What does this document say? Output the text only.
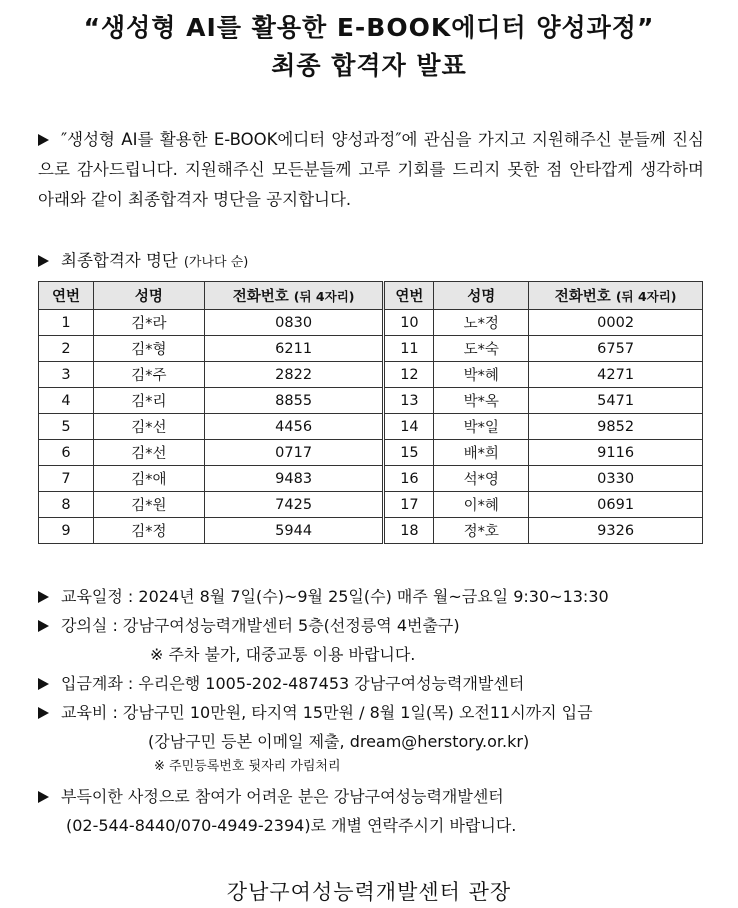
“생성형 AI를 활용한 E-BOOK에디터 양성과정”
최종 합격자 발표
″생성형 AI를 활용한 E-BOOK에디터 양성과정″에 관심을 가지고 지원해주신 분들께 진심으로 감사드립니다. 지원해주신 모든분들께 고루 기회를 드리지 못한 점 안타깝게 생각하며 아래와 같이 최종합격자 명단을 공지합니다.
최종합격자 명단 (가나다 순)
연번	성명	전화번호 (뒤 4자리)	연번	성명	전화번호 (뒤 4자리)
1	김*라	0830	10	노*정	0002
2	김*형	6211	11	도*숙	6757
3	김*주	2822	12	박*혜	4271
4	김*리	8855	13	박*옥	5471
5	김*선	4456	14	박*일	9852
6	김*선	0717	15	배*희	9116
7	김*애	9483	16	석*영	0330
8	김*원	7425	17	이*혜	0691
9	김*정	5944	18	정*호	9326
교육일정 : 2024년 8월 7일(수)~9월 25일(수) 매주 월~금요일 9:30~13:30
강의실 : 강남구여성능력개발센터 5층(선정릉역 4번출구)
※ 주차 불가, 대중교통 이용 바랍니다.
입금계좌 : 우리은행 1005-202-487453 강남구여성능력개발센터
교육비 : 강남구민 10만원, 타지역 15만원 / 8월 1일(목) 오전11시까지 입금
(강남구민 등본 이메일 제출, dream@herstory.or.kr)
※ 주민등록번호 뒷자리 가림처리
부득이한 사정으로 참여가 어려운 분은 강남구여성능력개발센터
(02-544-8440/070-4949-2394)로 개별 연락주시기 바랍니다.
강남구여성능력개발센터 관장
